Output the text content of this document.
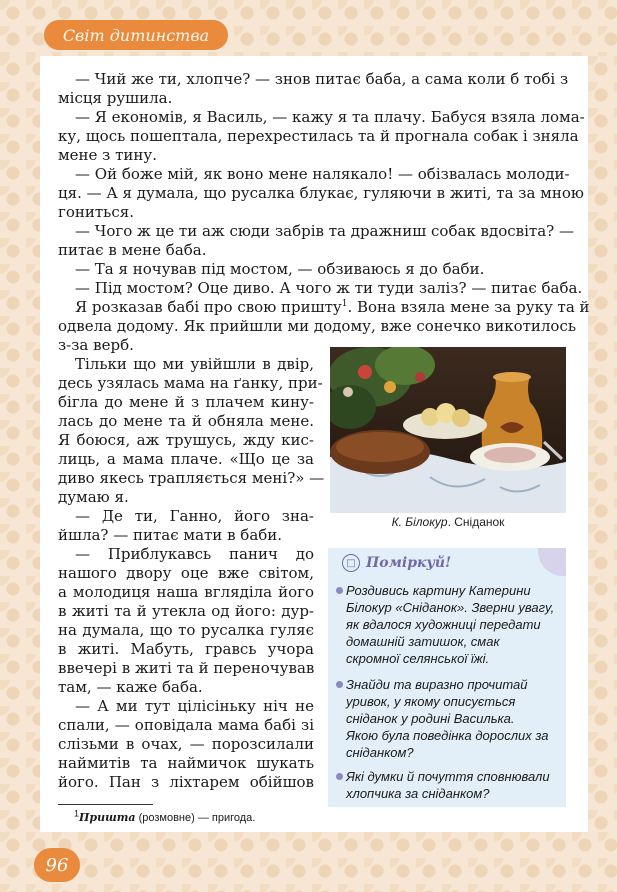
Світ дитинства
— Чий же ти, хлопче? — знов питає баба, а сама коли б тобі з
місця рушила.
— Я економів, я Василь, — кажу я та плачу. Бабуся взяла лома-
ку, щось пошептала, перехрестилась та й прогнала собак і зняла
мене з тину.
— Ой боже мій, як воно мене налякало! — обізвалась молоди-
ця. — А я думала, що русалка блукає, гуляючи в житі, та за мною
гониться.
— Чого ж це ти аж сюди забрів та дражниш собак вдосвіта? —
питає в мене баба.
— Та я ночував під мостом, — обзиваюсь я до баби.
— Під мостом? Оце диво. А чого ж ти туди заліз? — питає баба.
Я розказав бабі про свою пришту$^1$. Вона взяла мене за руку та й
одвела додому. Як прийшли ми додому, вже сонечко викотилось
з-за верб.
Тільки що ми увійшли в двір,
десь узялась мама на ґанку, при-
бігла до мене й з плачем кину-
лась до мене та й обняла мене.
Я боюся, аж трушусь, жду кис-
лиць, а мама плаче. «Що це за
диво якесь трапляється мені?» —
думаю я.
— Де ти, Ганно, його зна-
йшла? — питає мати в баби.
— Приблукавсь панич до
нашого двору оце вже світом,
а молодиця наша вгляділа його
в житі та й утекла од його: дур-
на думала, що то русалка гуляє
в житі. Мабуть, гравсь учора
ввечері в житі та й переночував
там, — каже баба.
— А ми тут цілісіньку ніч не
спали, — оповідала мама бабі зі
слізьми в очах, — порозсилали
наймитів та наймичок шукать
його. Пан з ліхтарем обійшов
К. Білокур. Сніданок
□ Поміркуй!
Роздивись картину Катерини
Білокур «Сніданок». Зверни увагу,
як вдалося художниці передати
домашній затишок, смак
скромної селянської їжі.
Знайди та виразно прочитай
уривок, у якому описується
сніданок у родині Василька.
Якою була поведінка дорослих за
сніданком?
Які думки й почуття сповнювали
хлопчика за сніданком?
$^1$Пришта (розмовне) — пригода.
96
